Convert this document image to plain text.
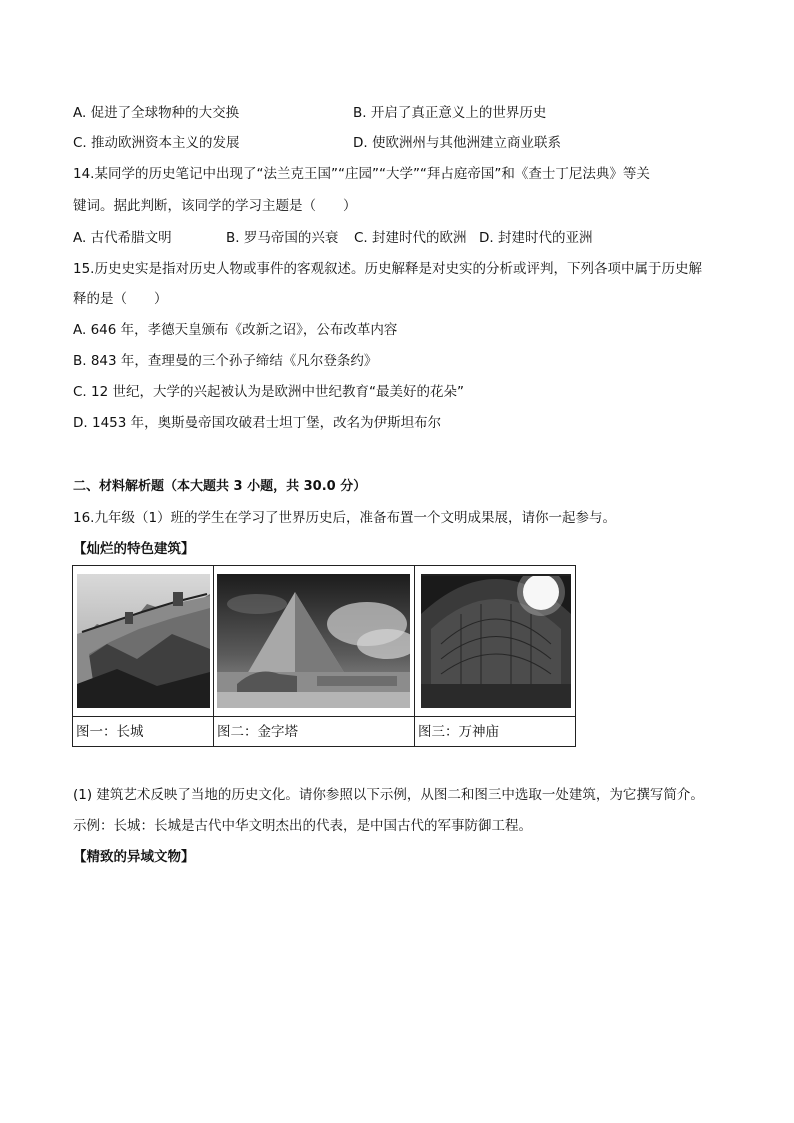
A. 促进了全球物种的大交换	B. 开启了真正意义上的世界历史
C. 推动欧洲资本主义的发展	D. 使欧洲州与其他洲建立商业联系
14.某同学的历史笔记中出现了“法兰克王国”“庄园”“大学”“拜占庭帝国”和《查士丁尼法典》等关
键词。据此判断，该同学的学习主题是（　　）
A. 古代希腊文明	B. 罗马帝国的兴衰 C. 封建时代的欧洲 D. 封建时代的亚洲
15.历史史实是指对历史人物或事件的客观叙述。历史解释是对史实的分析或评判，下列各项中属于历史解
释的是（　　）
A. 646 年，孝德天皇颁布《改新之诏》，公布改革内容
B. 843 年，查理曼的三个孙子缔结《凡尔登条约》
C. 12 世纪，大学的兴起被认为是欧洲中世纪教育“最美好的花朵”
D. 1453 年，奥斯曼帝国攻破君士坦丁堡，改名为伊斯坦布尔
二、材料解析题（本大题共 3 小题，共 30.0 分）
16.九年级（1）班的学生在学习了世界历史后，准备布置一个文明成果展，请你一起参与。
【灿烂的特色建筑】
图一：长城	图二：金字塔	图三：万神庙
(1) 建筑艺术反映了当地的历史文化。请你参照以下示例，从图二和图三中选取一处建筑，为它撰写简介。
示例：长城：长城是古代中华文明杰出的代表，是中国古代的军事防御工程。
【精致的异域文物】
